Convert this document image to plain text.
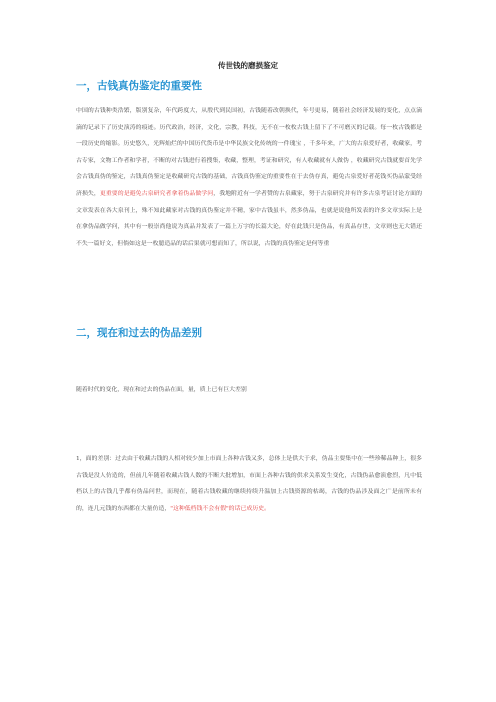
传世钱的磨损鉴定
一，古钱真伪鉴定的重要性

中国的古钱种类浩繁，版别复杂，年代跨度大，从殷代到民国初，古钱随着改朝换代，年号更易，随着社会经济发展的变化，点点滴滴的记录下了历史演涛的痕迹。历代政治，经济，文化，宗教，科技，无不在一枚枚古钱上留下了不可磨灭的记载。每一枚古钱都是一段历史的缩影。历史悠久，光辉灿烂的中国历代货币是中华民族文化传统的一件瑰宝 ，千多年来，广大的古泉爱好者，收藏家，考古专家，文物工作者和学者，不断的对古钱进行着搜集，收藏，整理，考证和研究，有人收藏就有人做伪 ，收藏研究古钱就要首先学会古钱真伪的鉴定，古钱真伪鉴定是收藏研究古钱的基础，古钱真伪鉴定的重要性在于去伪存真，避免古泉爱好者花钱买伪品蒙受经济损失，更重要的是避免古泉研究者拿着伪品做学问，我地附近有一学者赞的古泉藏家，努于古泉研究并有许多古泉考证讨论方面的文章发表在各大泉刊上，殊不知此藏家对古钱的真伪鉴定并不精，家中古钱虽丰，然多伪品，也就是说他所发表的许多文章实际上是在拿伪品做学问，其中有一般崇尚他说为真品并发表了一篇上万字的长篇大论，好在此钱只是伪品，有真品存世，文章则也无大错还不失一篇好文，但倘如这是一枚臆造品的话后果就可想而知了，所以说，古钱的真伪鉴定是何等重

二，现在和过去的伪品差别

随着时代的变化，现在和过去的伪品在面，量，质上已有巨大差别

1，面的差别：过去由于收藏古钱的人相对较少加上市面上各种古钱又多，总体上是供大于求，伪品主要集中在一些珍稀品种上，很多古钱是没人仿造的，但前几年随着收藏古钱人数的不断大批增加，市面上各种古钱的供求关系发生变化，古钱伪品愈演愈烈，凡中低档以上的古钱几乎都有伪品问世，而现在，随着古钱收藏的继续持续升温加上古钱资源的枯竭，古钱的伪品涉及面之广是前所未有的，连几元钱的东西都在大量仿造，"这种低档钱不会有假"的话已成历史。
